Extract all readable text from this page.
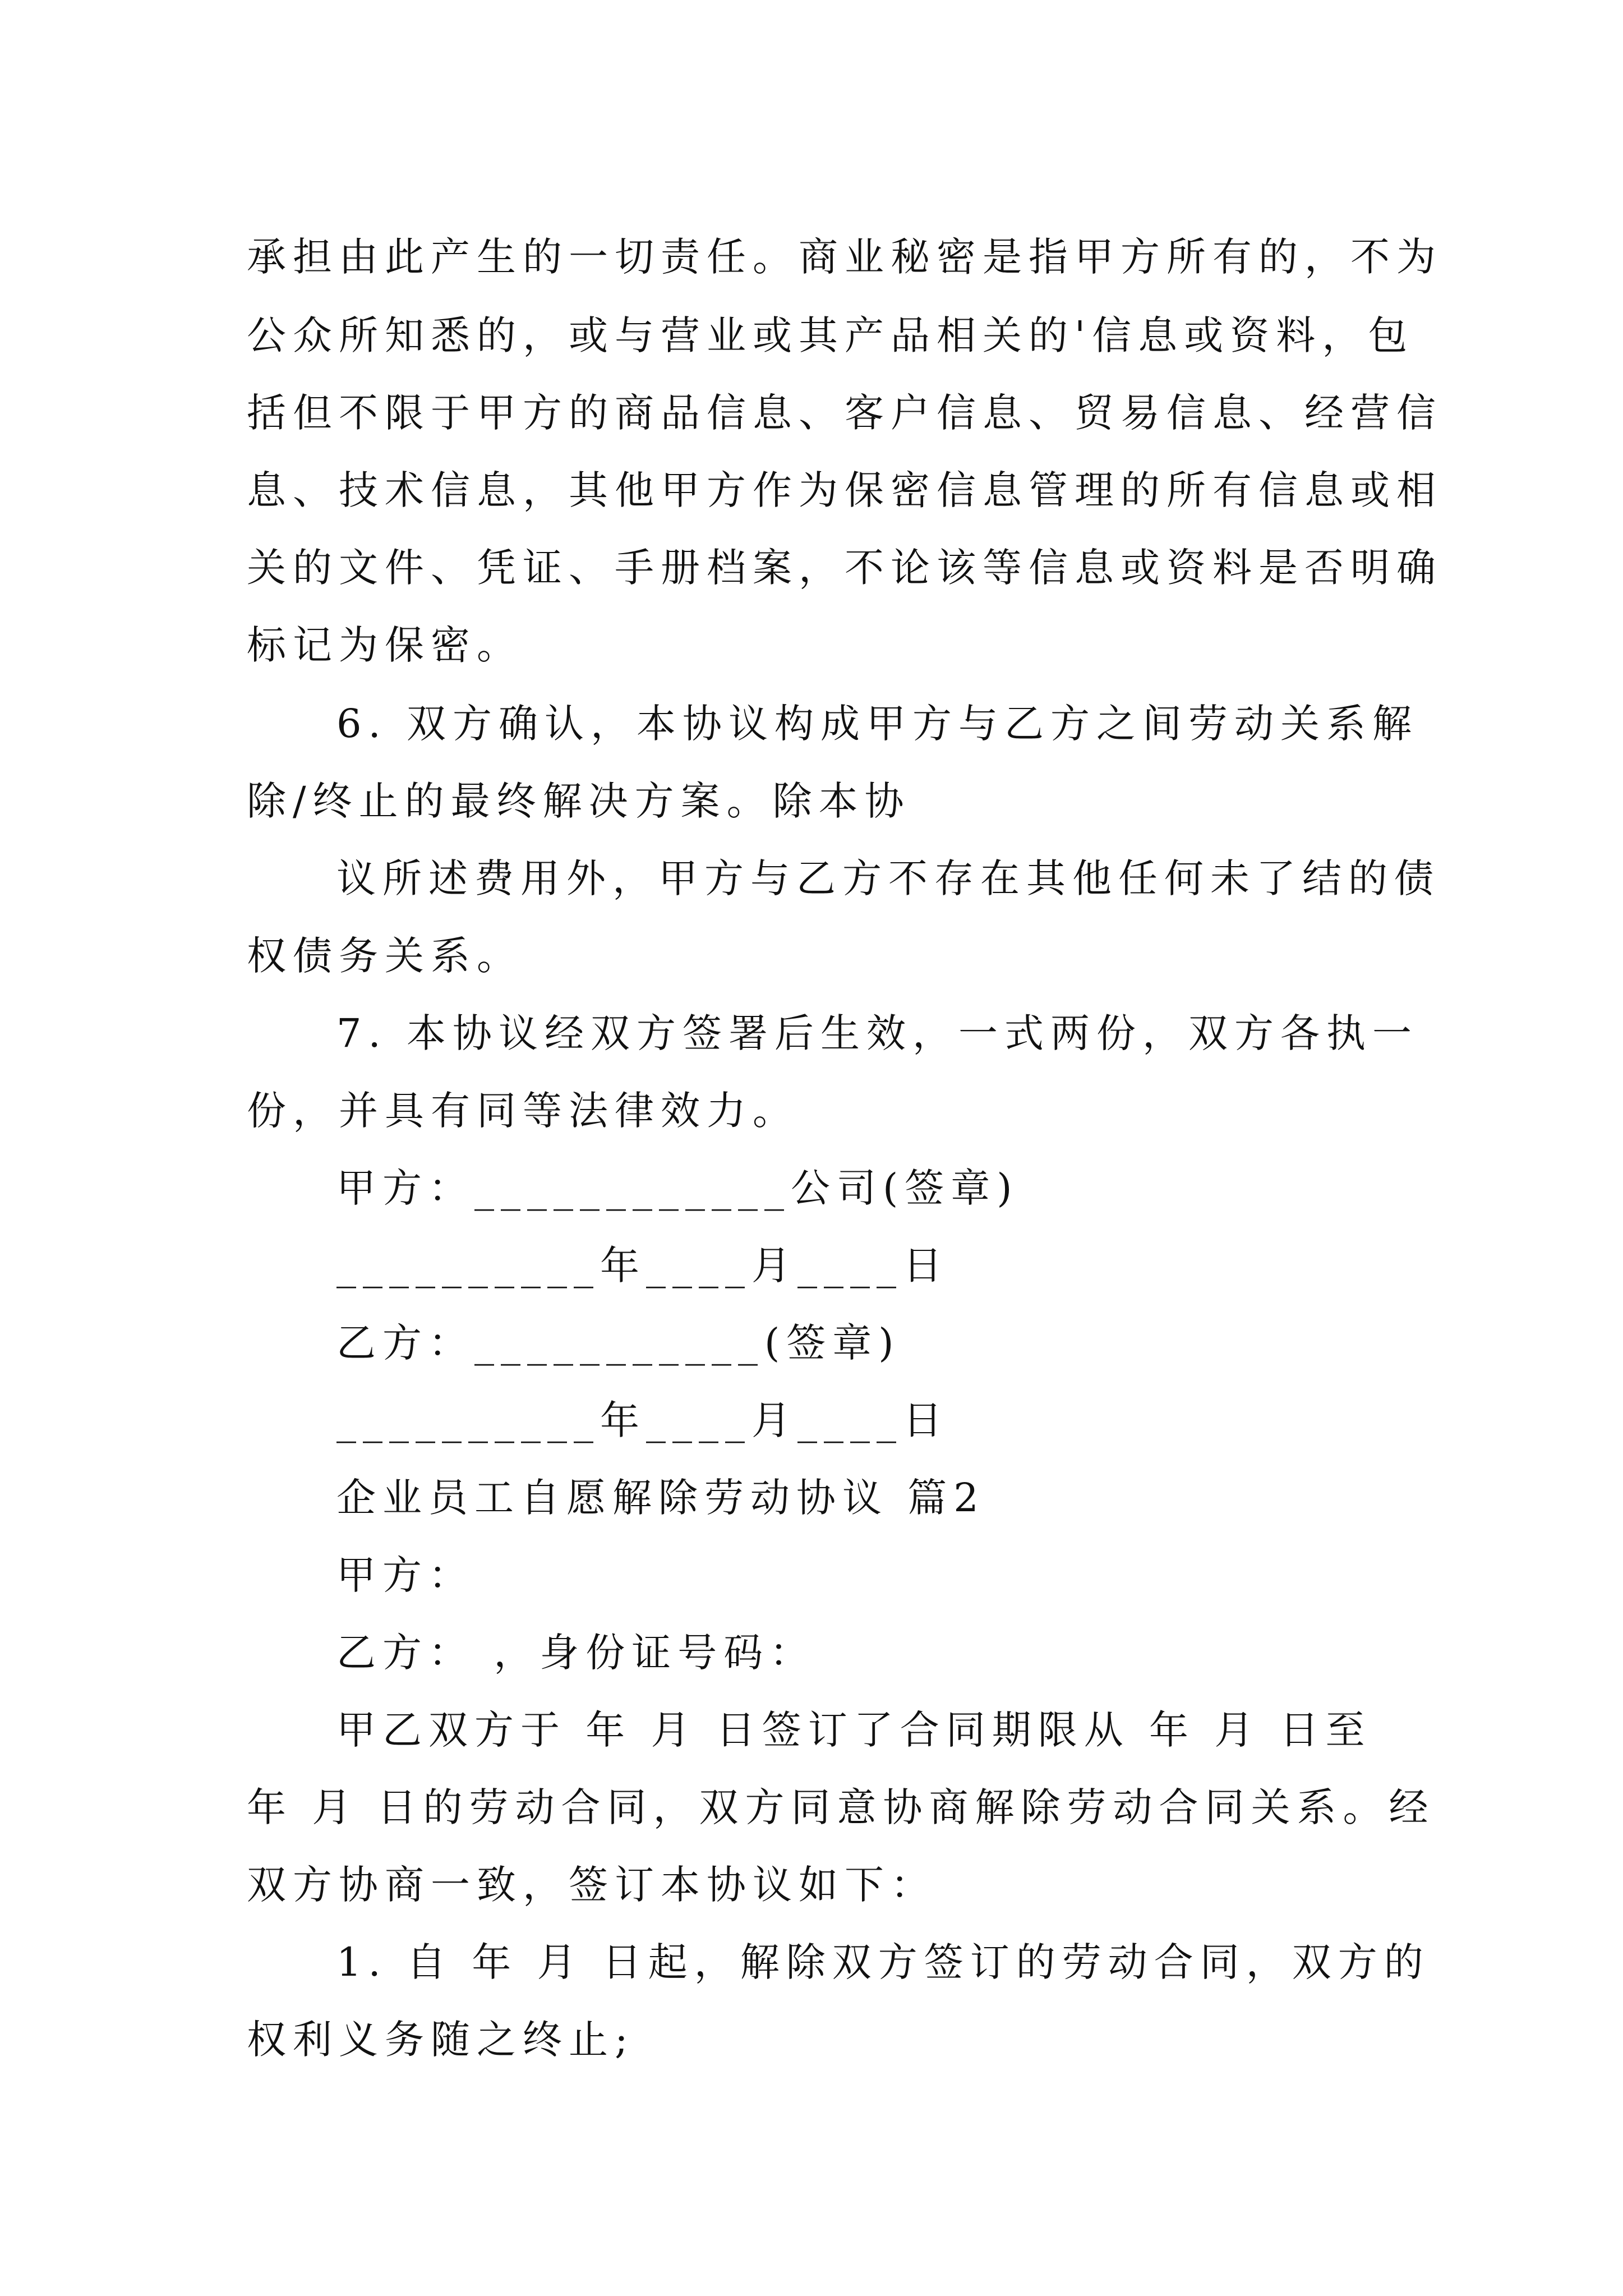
承担由此产生的一切责任。商业秘密是指甲方所有的，不为
公众所知悉的，或与营业或其产品相关的'信息或资料，包
括但不限于甲方的商品信息、客户信息、贸易信息、经营信
息、技术信息，其他甲方作为保密信息管理的所有信息或相
关的文件、凭证、手册档案，不论该等信息或资料是否明确
标记为保密。
6. 双方确认，本协议构成甲方与乙方之间劳动关系解
除/终止的最终解决方案。除本协
议所述费用外，甲方与乙方不存在其他任何未了结的债
权债务关系。
7. 本协议经双方签署后生效，一式两份，双方各执一
份，并具有同等法律效力。
甲方：____________公司(签章)
__________年____月____日
乙方：___________(签章)
__________年____月____日
企业员工自愿解除劳动协议 篇2
甲方：
乙方： ，身份证号码：
甲乙双方于 年 月 日签订了合同期限从 年 月 日至
年 月 日的劳动合同，双方同意协商解除劳动合同关系。经
双方协商一致，签订本协议如下：
1. 自 年 月 日起，解除双方签订的劳动合同，双方的
权利义务随之终止;
